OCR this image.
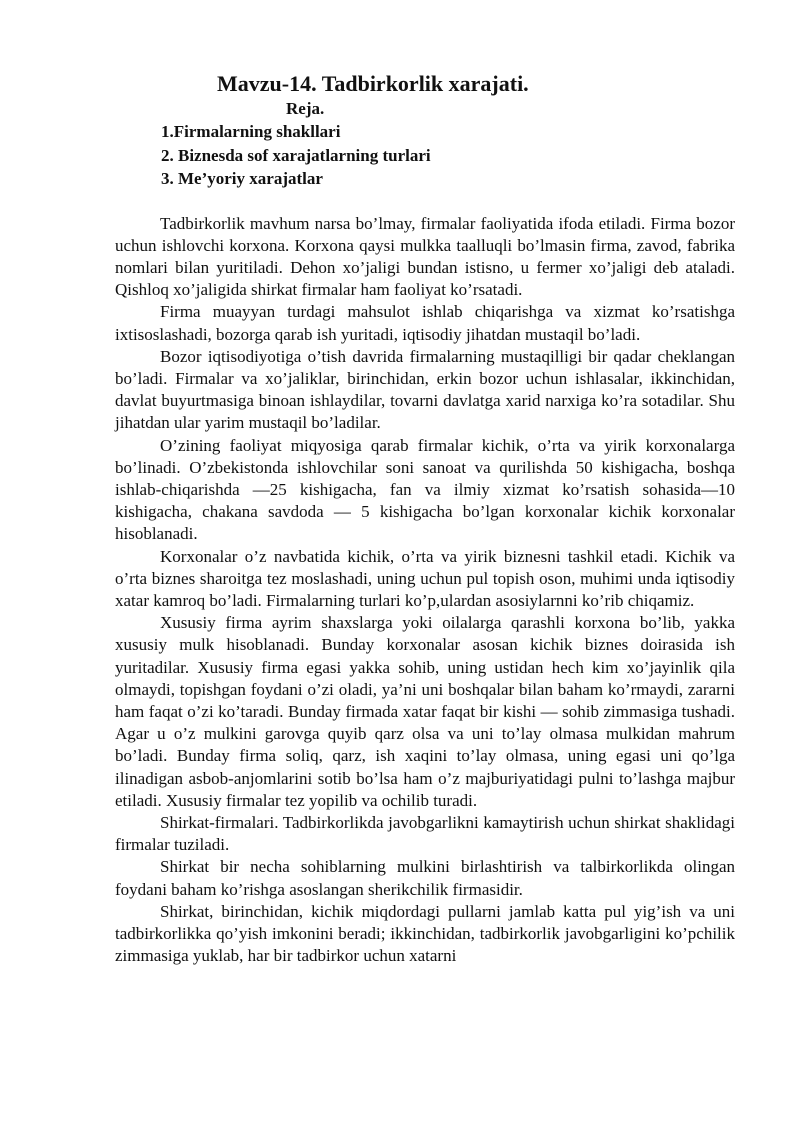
Mavzu-14. Tadbirkorlik xarajati.
Reja.
1.Firmalarning shakllari
2. Biznesda sof xarajatlarning turlari
3. Me’yoriy xarajatlar

Tadbirkorlik mavhum narsa bo’lmay, firmalar faoliyatida ifoda etiladi. Firma bozor uchun ishlovchi korxona. Korxona qaysi mulkka taalluqli bo’lmasin firma, zavod, fabrika nomlari bilan yuritiladi. Dehon xo’jaligi bundan istisno, u fermer xo’jaligi deb ataladi. Qishloq xo’jaligida shirkat firmalar ham faoliyat ko’rsatadi.

Firma muayyan turdagi mahsulot ishlab chiqarishga va xizmat ko’rsatishga ixtisoslashadi, bozorga qarab ish yuritadi, iqtisodiy jihatdan mustaqil bo’ladi.

Bozor iqtisodiyotiga o’tish davrida firmalarning mustaqilligi bir qadar cheklangan bo’ladi. Firmalar va xo’jaliklar, birinchidan, erkin bozor uchun ishlasalar, ikkinchidan, davlat buyurtmasiga binoan ishlaydilar, tovarni davlatga xarid narxiga ko’ra sotadilar. Shu jihatdan ular yarim mustaqil bo’ladilar.

O’zining faoliyat miqyosiga qarab firmalar kichik, o’rta va yirik korxonalarga bo’linadi. O’zbekistonda ishlovchilar soni sanoat va qurilishda 50 kishigacha, boshqa ishlab-chiqarishda —25 kishigacha, fan va ilmiy xizmat ko’rsatish sohasida—10 kishigacha, chakana savdoda — 5 kishigacha bo’lgan korxonalar kichik korxonalar hisoblanadi.

Korxonalar o’z navbatida kichik, o’rta va yirik biznesni tashkil etadi. Kichik va o’rta biznes sharoitga tez moslashadi, uning uchun pul topish oson, muhimi unda iqtisodiy xatar kamroq bo’ladi. Firmalarning turlari ko’p,ulardan asosiylarnni ko’rib chiqamiz.

Xususiy firma ayrim shaxslarga yoki oilalarga qarashli korxona bo’lib, yakka xususiy mulk hisoblanadi. Bunday korxonalar asosan kichik biznes doirasida ish yuritadilar. Xususiy firma egasi yakka sohib, uning ustidan hech kim xo’jayinlik qila olmaydi, topishgan foydani o’zi oladi, ya’ni uni boshqalar bilan baham ko’rmaydi, zararni ham faqat o’zi ko’taradi. Bunday firmada xatar faqat bir kishi — sohib zimmasiga tushadi. Agar u o’z mulkini garovga quyib qarz olsa va uni to’lay olmasa mulkidan mahrum bo’ladi. Bunday firma soliq, qarz, ish xaqini to’lay olmasa, uning egasi uni qo’lga ilinadigan asbob-anjomlarini sotib bo’lsa ham o’z majburiyatidagi pulni to’lashga majbur etiladi. Xususiy firmalar tez yopilib va ochilib turadi.

Shirkat-firmalari. Tadbirkorlikda javobgarlikni kamaytirish uchun shirkat shaklidagi firmalar tuziladi.

Shirkat bir necha sohiblarning mulkini birlashtirish va talbirkorlikda olingan foydani baham ko’rishga asoslangan sherikchilik firmasidir.

Shirkat, birinchidan, kichik miqdordagi pullarni jamlab katta pul yig’ish va uni tadbirkorlikka qo’yish imkonini beradi; ikkinchidan, tadbirkorlik javobgarligini ko’pchilik zimmasiga yuklab, har bir tadbirkor uchun xatarni
